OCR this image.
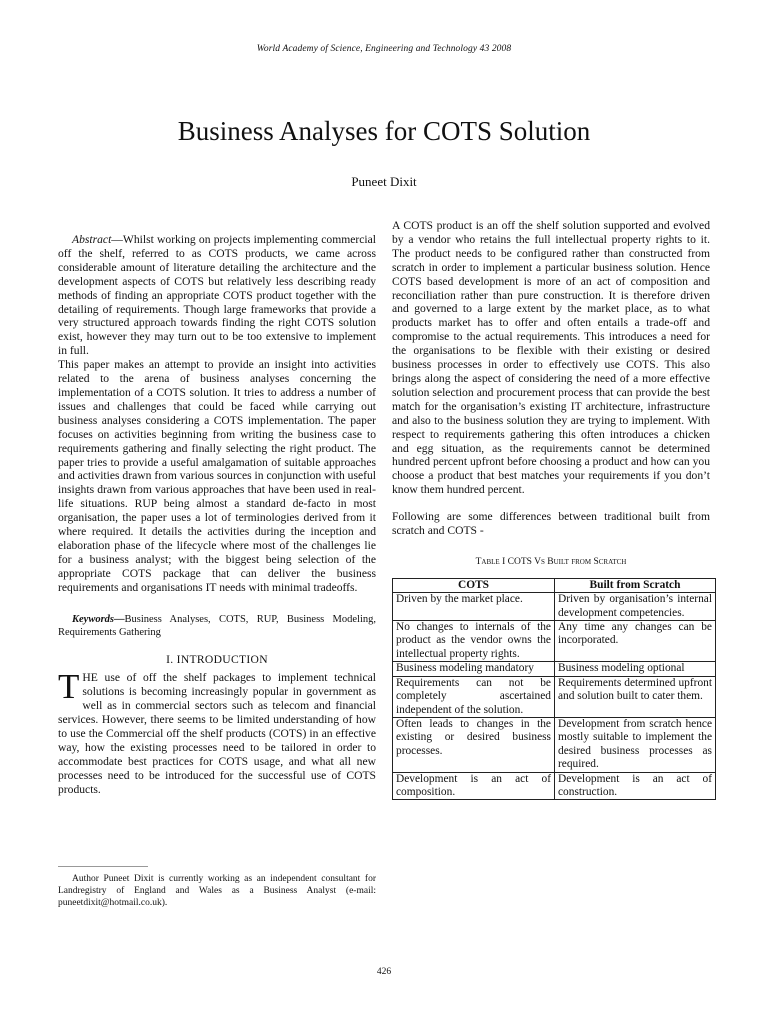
World Academy of Science, Engineering and Technology 43 2008
Business Analyses for COTS Solution
Puneet Dixit

Abstract—Whilst working on projects implementing commercial off the shelf, referred to as COTS products, we came across considerable amount of literature detailing the architecture and the development aspects of COTS but relatively less describing ready methods of finding an appropriate COTS product together with the detailing of requirements. Though large frameworks that provide a very structured approach towards finding the right COTS solution exist, however they may turn out to be too extensive to implement in full.

This paper makes an attempt to provide an insight into activities related to the arena of business analyses concerning the implementation of a COTS solution. It tries to address a number of issues and challenges that could be faced while carrying out business analyses considering a COTS implementation. The paper focuses on activities beginning from writing the business case to requirements gathering and finally selecting the right product. The paper tries to provide a useful amalgamation of suitable approaches and activities drawn from various sources in conjunction with useful insights drawn from various approaches that have been used in real-life situations. RUP being almost a standard de-facto in most organisation, the paper uses a lot of terminologies derived from it where required. It details the activities during the inception and elaboration phase of the lifecycle where most of the challenges lie for a business analyst; with the biggest being selection of the appropriate COTS package that can deliver the business requirements and organisations IT needs with minimal tradeoffs.

Keywords—Business Analyses, COTS, RUP, Business Modeling, Requirements Gathering

I. INTRODUCTION

THE use of off the shelf packages to implement technical solutions is becoming increasingly popular in government as well as in commercial sectors such as telecom and financial services. However, there seems to be limited understanding of how to use the Commercial off the shelf products (COTS) in an effective way, how the existing processes need to be tailored in order to accommodate best practices for COTS usage, and what all new processes need to be introduced for the successful use of COTS products.

Author Puneet Dixit is currently working as an independent consultant for Landregistry of England and Wales as a Business Analyst (e-mail: puneetdixit@hotmail.co.uk).

A COTS product is an off the shelf solution supported and evolved by a vendor who retains the full intellectual property rights to it. The product needs to be configured rather than constructed from scratch in order to implement a particular business solution. Hence COTS based development is more of an act of composition and reconciliation rather than pure construction. It is therefore driven and governed to a large extent by the market place, as to what products market has to offer and often entails a trade-off and compromise to the actual requirements. This introduces a need for the organisations to be flexible with their existing or desired business processes in order to effectively use COTS. This also brings along the aspect of considering the need of a more effective solution selection and procurement process that can provide the best match for the organisation’s existing IT architecture, infrastructure and also to the business solution they are trying to implement. With respect to requirements gathering this often introduces a chicken and egg situation, as the requirements cannot be determined hundred percent upfront before choosing a product and how can you choose a product that best matches your requirements if you don’t know them hundred percent.

Following are some differences between traditional built from scratch and COTS -

Table I COTS Vs Built from Scratch
COTS	Built from Scratch
Driven by the market place.	Driven by organisation’s internal development competencies.
No changes to internals of the product as the vendor owns the intellectual property rights.	Any time any changes can be incorporated.
Business modeling mandatory	Business modeling optional
Requirements can not be completely ascertained independent of the solution.	Requirements determined upfront and solution built to cater them.
Often leads to changes in the existing or desired business processes.	Development from scratch hence mostly suitable to implement the desired business processes as required.
Development is an act of composition.	Development is an act of construction.
426
